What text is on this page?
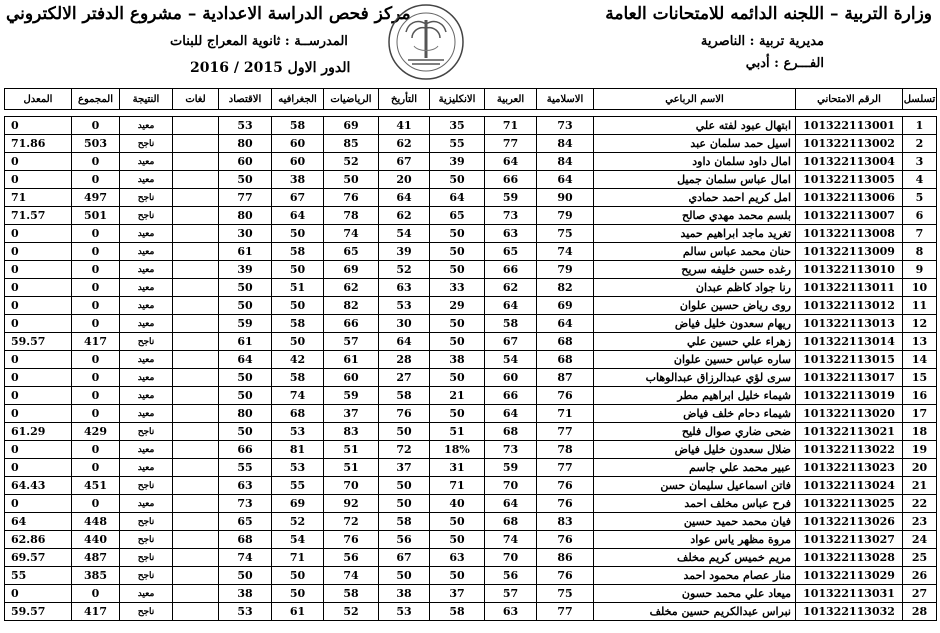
وزارة التربية – اللجنه الدائمه للامتحانات العامة
مركز فحص الدراسة الاعدادية – مشروع الدفتر الالكتروني
مديرية تربية : الناصرية
الفـــرع : أدبي
المدرســة : ثانوية المعراج للبنات
الدور الاول 2015 / 2016
تسلسل	الرقم الامتحاني	الاسم الرباعي	الاسلامية	العربية	الانكليزية	التأريخ	الرياضيات	الجغرافيه	الاقتصاد	لغات	النتيجة	المجموع	المعدل

1	101322113001	ابتهال عبود لفته علي	73	71	35	41	69	58	53		معيد	0	0
2	101322113002	اسيل حمد سلمان عبد	84	77	55	62	85	60	80		ناجح	503	71.86
3	101322113004	امال داود سلمان داود	84	64	39	67	52	60	60		معيد	0	0
4	101322113005	امال عباس سلمان جميل	64	66	50	20	50	38	50		معيد	0	0
5	101322113006	امل كريم احمد حمادي	90	59	64	64	76	67	77		ناجح	497	71
6	101322113007	بلسم محمد مهدي صالح	79	73	65	62	78	64	80		ناجح	501	71.57
7	101322113008	تغريد ماجد ابراهيم حميد	75	63	50	54	74	50	30		معيد	0	0
8	101322113009	حنان محمد عباس سالم	74	65	50	39	65	58	61		معيد	0	0
9	101322113010	رغده حسن خليفه سريح	79	66	50	52	69	50	39		معيد	0	0
10	101322113011	رنا جواد كاظم عبدان	82	62	33	63	62	51	50		معيد	0	0
11	101322113012	روى رياض حسين علوان	69	64	29	53	82	50	50		معيد	0	0
12	101322113013	ريهام سعدون خليل فياض	64	58	50	30	66	58	59		معيد	0	0
13	101322113014	زهراء علي حسين علي	68	67	50	64	57	50	61		ناجح	417	59.57
14	101322113015	ساره عباس حسين علوان	68	54	38	28	61	42	64		معيد	0	0
15	101322113017	سرى لؤي عبدالرزاق عبدالوهاب	87	60	50	27	60	58	50		معيد	0	0
16	101322113019	شيماء خليل ابراهيم مطر	76	66	21	58	59	74	50		معيد	0	0
17	101322113020	شيماء دحام خلف فياض	71	64	50	76	37	68	80		معيد	0	0
18	101322113021	ضحى ضاري صوال فليح	77	68	51	50	83	53	50		ناجح	429	61.29
19	101322113022	ضلال سعدون خليل فياض	78	73	18%	72	51	81	66		معيد	0	0
20	101322113023	عبير محمد علي جاسم	77	59	31	37	51	53	55		معيد	0	0
21	101322113024	فاتن اسماعيل سليمان حسن	76	70	71	50	70	55	63		ناجح	451	64.43
22	101322113025	فرح عباس مخلف احمد	76	64	40	50	92	69	73		معيد	0	0
23	101322113026	فيان محمد حميد حسين	83	68	50	58	72	52	65		ناجح	448	64
24	101322113027	مروة مظهر ياس عواد	76	74	50	56	76	54	68		ناجح	440	62.86
25	101322113028	مريم خميس كريم مخلف	86	70	63	67	56	71	74		ناجح	487	69.57
26	101322113029	منار عصام محمود احمد	76	56	50	50	74	50	50		ناجح	385	55
27	101322113031	ميعاد علي محمد حسون	75	57	37	38	58	50	38		معيد	0	0
28	101322113032	نبراس عبدالكريم حسين مخلف	77	63	58	53	52	61	53		ناجح	417	59.57
